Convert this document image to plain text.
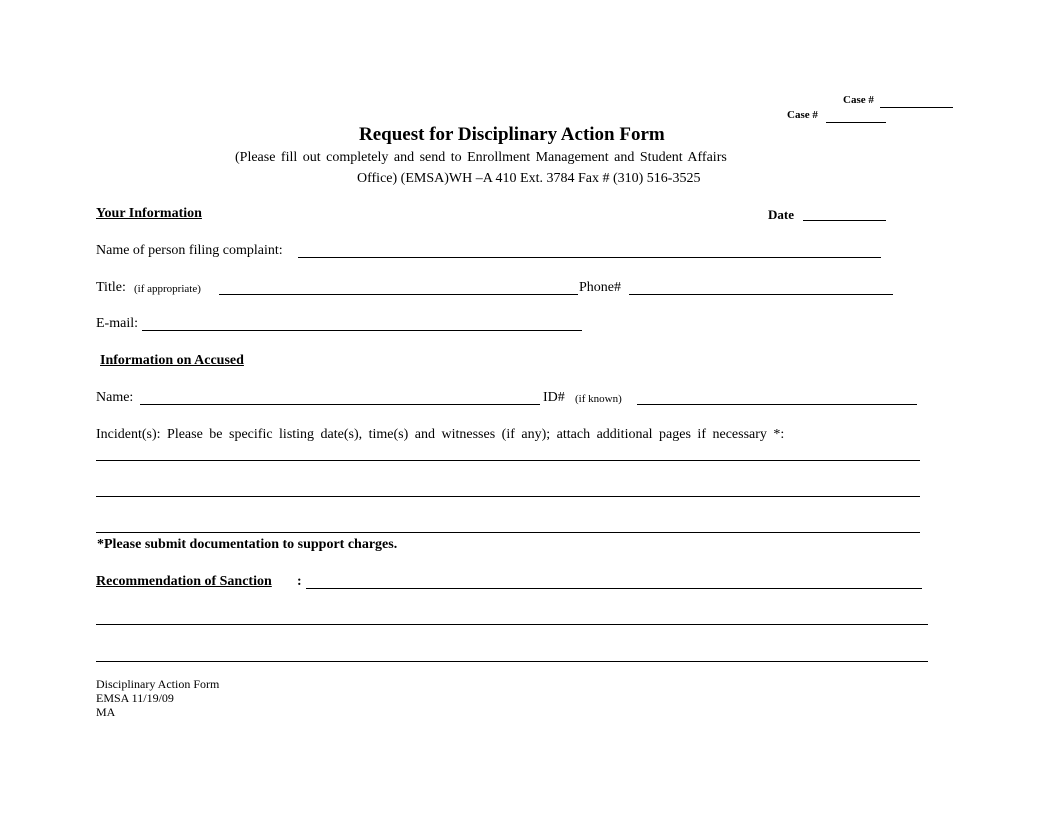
Case #
Case #
Request for Disciplinary Action Form
(Please fill out completely and send to Enrollment Management and Student Affairs
Office) (EMSA)WH –A 410 Ext. 3784 Fax # (310) 516-3525
Your Information	Date
Name of person filing complaint:
Title: (if appropriate)	Phone#
E-mail:
Information on Accused
Name:	ID# (if known)
Incident(s): Please be specific listing date(s), time(s) and witnesses (if any); attach additional pages if necessary *:
*Please submit documentation to support charges.
Recommendation of Sanction :
Disciplinary Action Form
EMSA 11/19/09
MA
